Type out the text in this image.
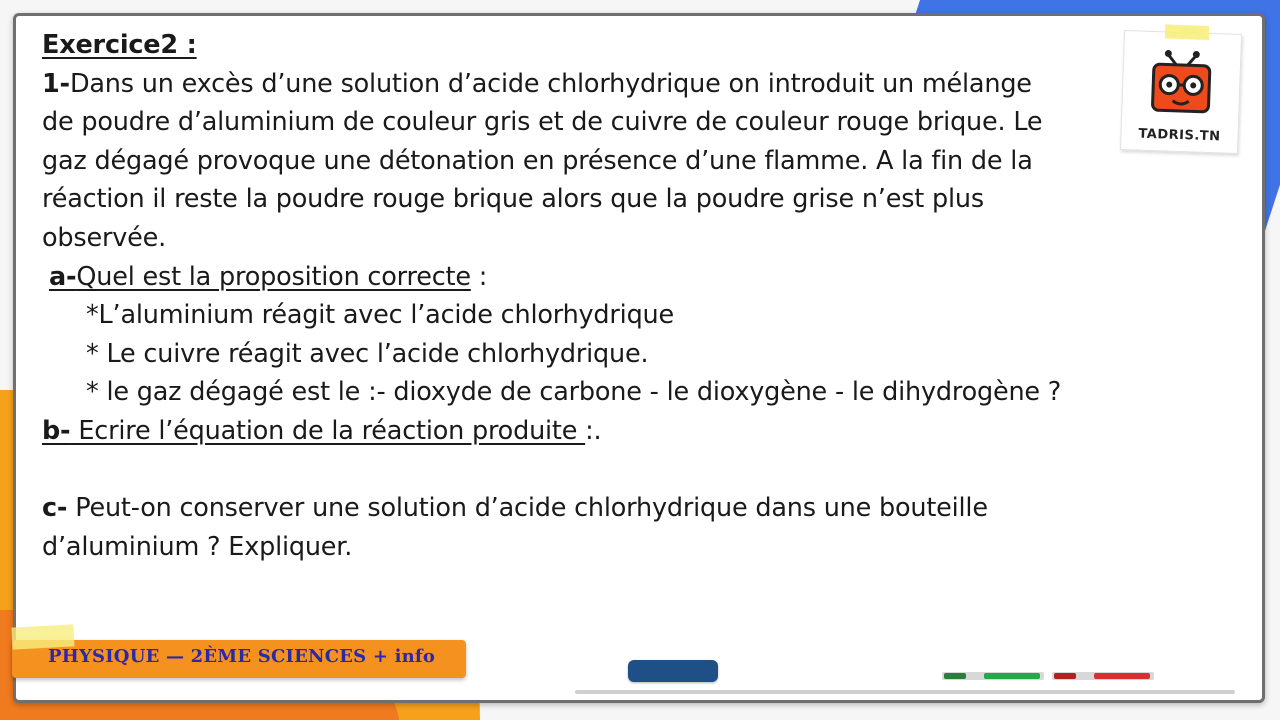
Exercice2 :
1-Dans un excès d’une solution d’acide chlorhydrique on introduit un mélange
de poudre d’aluminium de couleur gris et de cuivre de couleur rouge brique. Le
gaz dégagé provoque une détonation en présence d’une flamme. A la fin de la
réaction il reste la poudre rouge brique alors que la poudre grise n’est plus
observée.
a-Quel est la proposition correcte :
*L’aluminium réagit avec l’acide chlorhydrique
* Le cuivre réagit avec l’acide chlorhydrique.
* le gaz dégagé est le :- dioxyde de carbone - le dioxygène - le dihydrogène ?
b- Ecrire l’équation de la réaction produite :.
c- Peut-on conserver une solution d’acide chlorhydrique dans une bouteille
d’aluminium ? Expliquer.
TADRIS.TN
PHYSIQUE — 2ÈME SCIENCES + info
